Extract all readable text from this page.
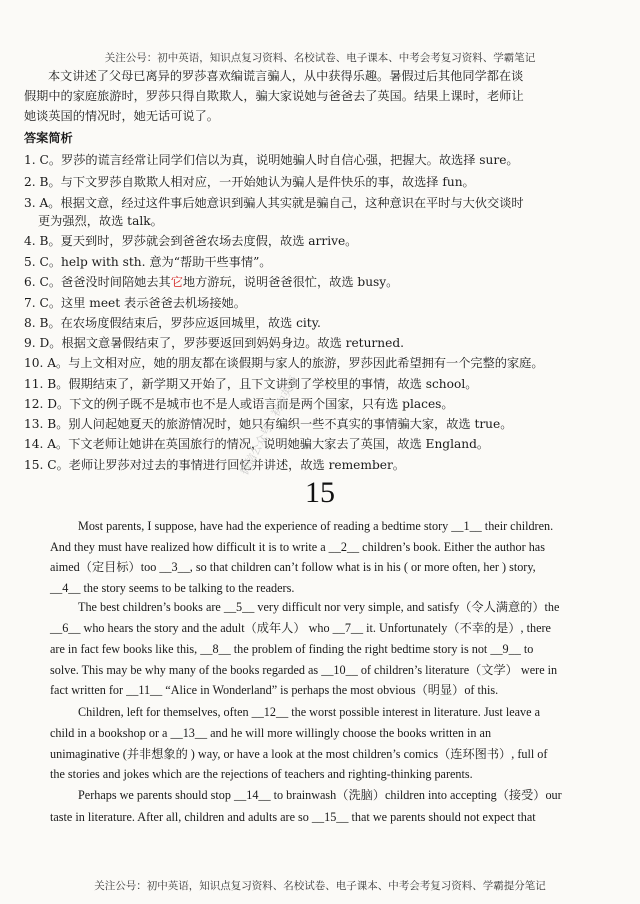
关注公号：初中英语，知识点复习资料、名校试卷、电子课本、中考会考复习资料、学霸笔记
本文讲述了父母已离异的罗莎喜欢编谎言骗人，从中获得乐趣。暑假过后其他同学都在谈
假期中的家庭旅游时，罗莎只得自欺欺人，骗大家说她与爸爸去了英国。结果上课时，老师让
她谈英国的情况时，她无话可说了。
答案简析
1. C。罗莎的谎言经常让同学们信以为真，说明她骗人时自信心强，把握大。故选择 sure。
2. B。与下文罗莎自欺欺人相对应，一开始她认为骗人是件快乐的事，故选择 fun。
3. A。根据文意，经过这件事后她意识到骗人其实就是骗自己，这种意识在平时与大伙交谈时
更为强烈，故选 talk。
4. B。夏天到时，罗莎就会到爸爸农场去度假，故选 arrive。
5. C。help with sth. 意为“帮助干些事情”。
6. C。爸爸没时间陪她去其它地方游玩，说明爸爸很忙，故选 busy。
7. C。这里 meet 表示爸爸去机场接她。
8. B。在农场度假结束后，罗莎应返回城里，故选 city.
9. D。根据文意暑假结束了，罗莎要返回到妈妈身边。故选 returned.
10. A。与上文相对应，她的朋友都在谈假期与家人的旅游，罗莎因此希望拥有一个完整的家庭。
11. B。假期结束了，新学期又开始了，且下文讲到了学校里的事情，故选 school。
12. D。下文的例子既不是城市也不是人或语言而是两个国家，只有选 places。
13. B。别人问起她夏天的旅游情况时，她只有编织一些不真实的事情骗大家，故选 true。
14. A。下文老师让她讲在英国旅行的情况，说明她骗大家去了英国，故选 England。
15. C。老师让罗莎对过去的事情进行回忆并讲述，故选 remember。
微信公众号：初中英语
15
Most parents, I suppose, have had the experience of reading a bedtime story __1__ their children.
And they must have realized how difficult it is to write a __2__ children’s book. Either the author has
aimed（定目标）too __3__, so that children can’t follow what is in his ( or more often, her ) story,
__4__ the story seems to be talking to the readers.
The best children’s books are __5__ very difficult nor very simple, and satisfy（令人满意的）the
__6__ who hears the story and the adult（成年人） who __7__ it. Unfortunately（不幸的是）, there
are in fact few books like this, __8__ the problem of finding the right bedtime story is not __9__ to
solve. This may be why many of the books regarded as __10__ of children’s literature（文学） were in
fact written for __11__ “Alice in Wonderland” is perhaps the most obvious（明显）of this.
Children, left for themselves, often __12__ the worst possible interest in literature. Just leave a
child in a bookshop or a __13__ and he will more willingly choose the books written in an
unimaginative (并非想象的 ) way, or have a look at the most children’s comics（连环图书）, full of
the stories and jokes which are the rejections of teachers and righting-thinking parents.
Perhaps we parents should stop __14__ to brainwash（洗脑）children into accepting（接受）our
taste in literature. After all, children and adults are so __15__ that we parents should not expect that
关注公号：初中英语，知识点复习资料、名校试卷、电子课本、中考会考复习资料、学霸提分笔记
